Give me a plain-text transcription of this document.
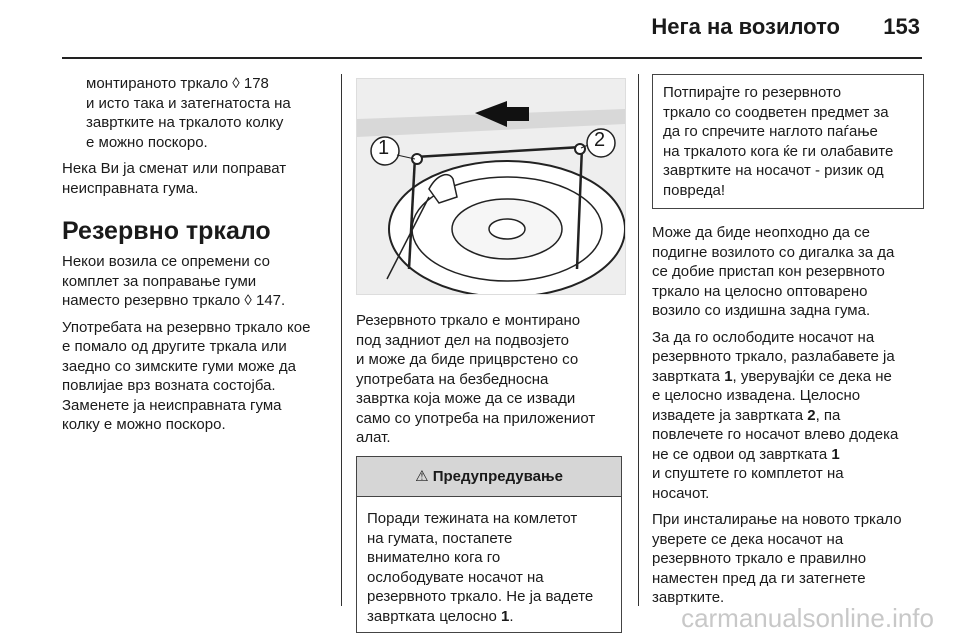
Нега на возилото 153

монтираното тркало ◊ 178
и исто така и затегнатоста на
завртките на тркалото колку
е можно поскоро.

Нека Ви ја сменат или поправат
неисправната гума.

Резервно тркало

Некои возила се опремени со
комплет за поправање гуми
наместо резервно тркало ◊ 147.

Употребата на резервно тркало кое
е помало од другите тркала или
заедно со зимските гуми може да
повлијае врз возната состојба.
Заменете ја неисправната гума
колку е можно поскоро.

1	2

Резервното тркало е монтирано
под задниот дел на подвозјето
и може да биде прицврстено со
употребата на безбедносна
завртка која може да се извади
само со употреба на приложениот
алат.

⚠ Предупредување
Поради тежината на комлетот
на гумата, постапете
внимателно кога го
ослободувате носачот на
резервното тркало. Не ја вадете
завртката целосно 1.
Потпирајте го резервното
тркало со соодветен предмет за
да го спречите наглото паѓање
на тркалото кога ќе ги олабавите
завртките на носачот - ризик од
повреда!

Може да биде неопходно да се
подигне возилото со дигалка за да
се добие пристап кон резервното
тркало на целосно оптоварено
возило со издишна задна гума.

За да го ослободите носачот на
резервното тркало, разлабавете ја
завртката 1, уверувајќи се дека не
е целосно извадена. Целосно
извадете ја завртката 2, па
повлечете го носачот влево додека
не се одвои од завртката 1
и спуштете го комплетот на
носачот.

При инсталирање на новото тркало
уверете се дека носачот на
резервното тркало е правилно
наместен пред да ги затегнете
завртките.

carmanualsonline.info
